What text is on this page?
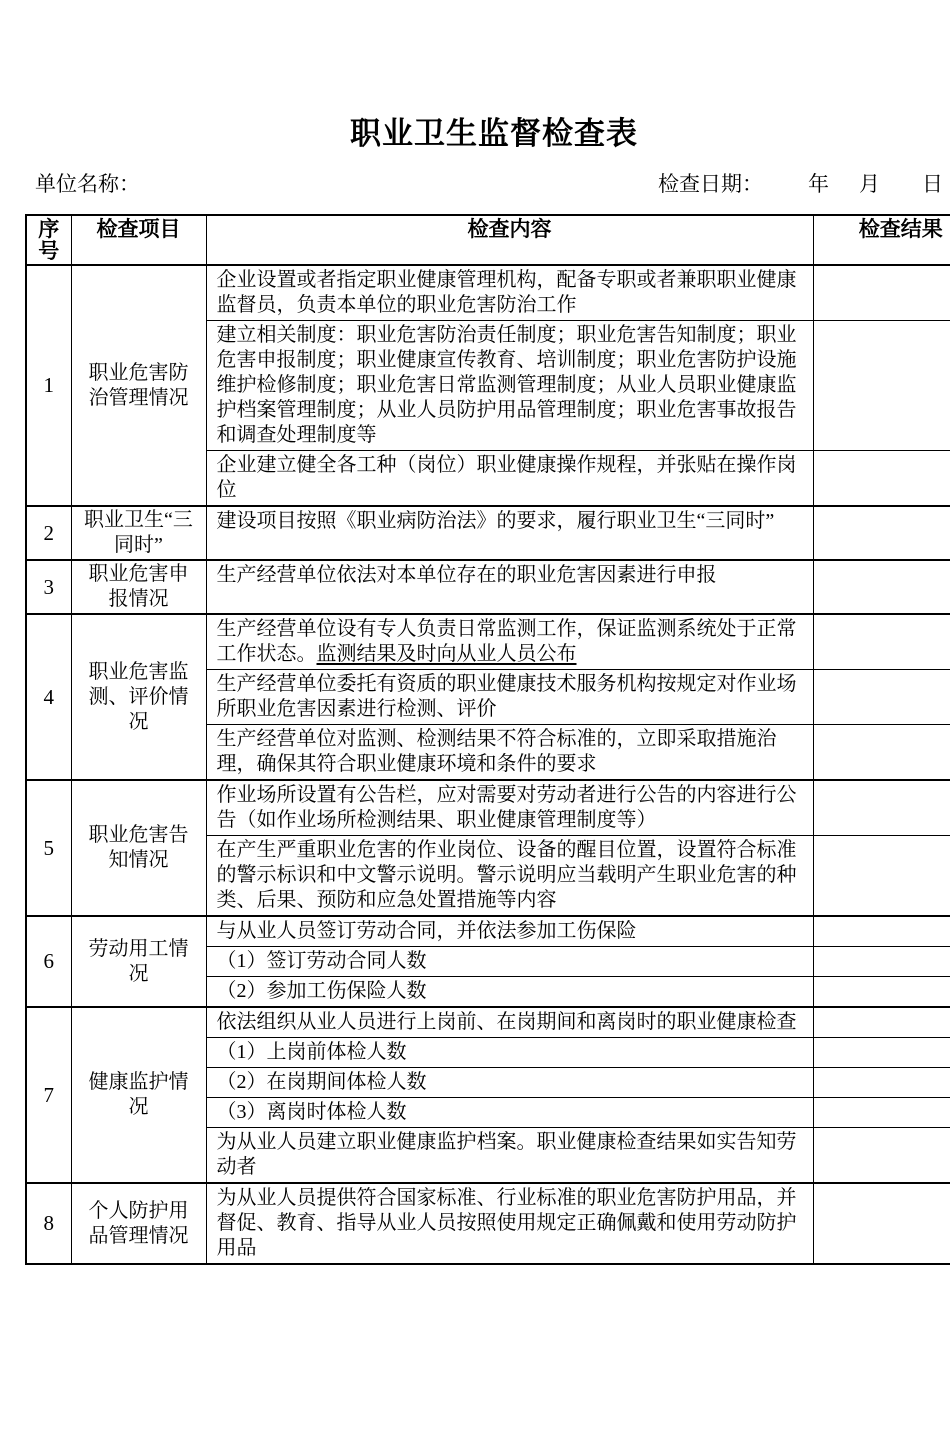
职业卫生监督检查表
单位名称：	检查日期： 年 月 日
序号	检查项目	检查内容	检查结果
1	职业危害防治管理情况	企业设置或者指定职业健康管理机构，配备专职或者兼职职业健康监督员，负责本单位的职业危害防治工作	
		建立相关制度：职业危害防治责任制度；职业危害告知制度；职业危害申报制度；职业健康宣传教育、培训制度；职业危害防护设施维护检修制度；职业危害日常监测管理制度；从业人员职业健康监护档案管理制度；从业人员防护用品管理制度；职业危害事故报告和调查处理制度等	
		企业建立健全各工种（岗位）职业健康操作规程，并张贴在操作岗位	
2	职业卫生“三同时”	建设项目按照《职业病防治法》的要求，履行职业卫生“三同时”	
3	职业危害申报情况	生产经营单位依法对本单位存在的职业危害因素进行申报	
4	职业危害监测、评价情况	生产经营单位设有专人负责日常监测工作，保证监测系统处于正常工作状态。监测结果及时向从业人员公布	
		生产经营单位委托有资质的职业健康技术服务机构按规定对作业场所职业危害因素进行检测、评价	
		生产经营单位对监测、检测结果不符合标准的，立即采取措施治理，确保其符合职业健康环境和条件的要求	
5	职业危害告知情况	作业场所设置有公告栏，应对需要对劳动者进行公告的内容进行公告（如作业场所检测结果、职业健康管理制度等）	
		在产生严重职业危害的作业岗位、设备的醒目位置，设置符合标准的警示标识和中文警示说明。警示说明应当载明产生职业危害的种类、后果、预防和应急处置措施等内容	
6	劳动用工情况	与从业人员签订劳动合同，并依法参加工伤保险	
		（1）签订劳动合同人数	
		（2）参加工伤保险人数	
7	健康监护情况	依法组织从业人员进行上岗前、在岗期间和离岗时的职业健康检查	
		（1）上岗前体检人数	
		（2）在岗期间体检人数	
		（3）离岗时体检人数	
		为从业人员建立职业健康监护档案。职业健康检查结果如实告知劳动者	
8	个人防护用品管理情况	为从业人员提供符合国家标准、行业标准的职业危害防护用品，并督促、教育、指导从业人员按照使用规定正确佩戴和使用劳动防护用品	
